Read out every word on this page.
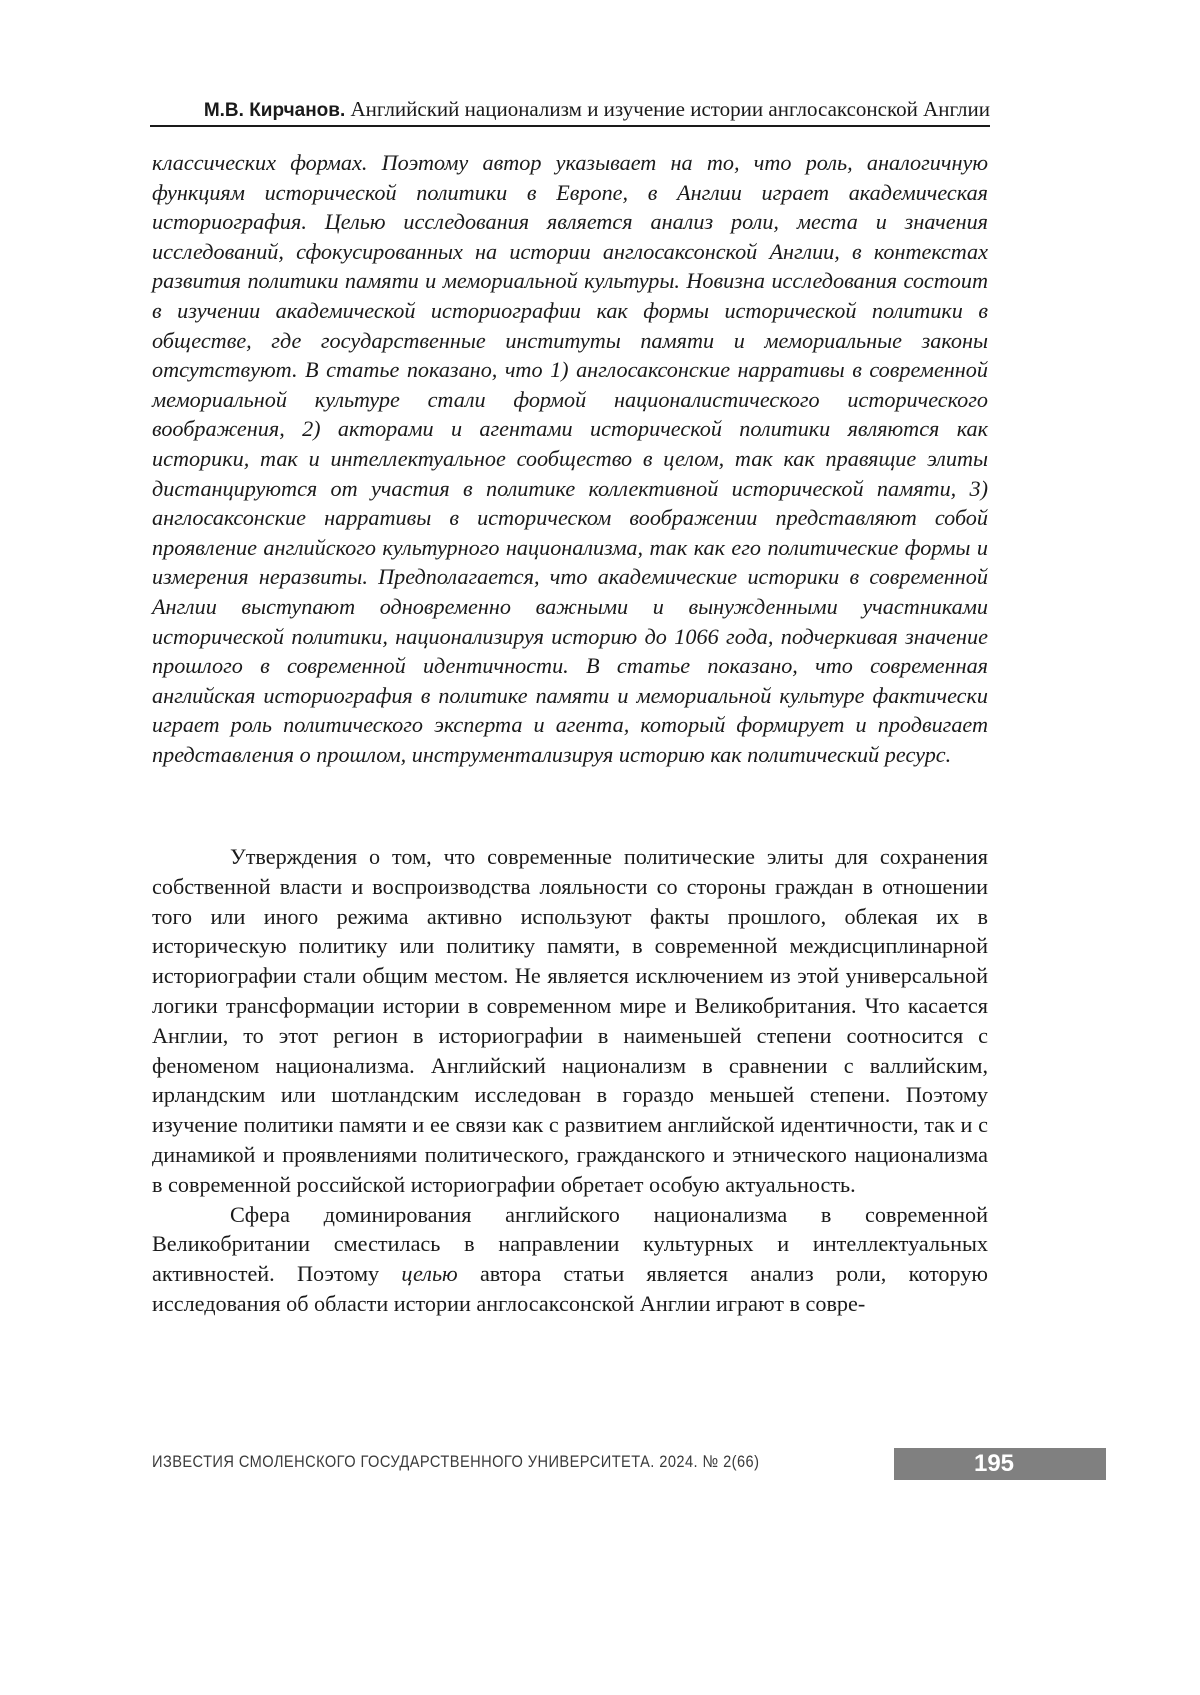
М.В. Кирчанов. Английский национализм и изучение истории англосаксонской Англии

классических формах. Поэтому автор указывает на то, что роль, аналогичную функциям исторической политики в Европе, в Англии играет академическая историография. Целью исследования является анализ роли, места и значения исследований, сфокусированных на истории англосаксонской Англии, в контекстах развития политики памяти и мемориальной культуры. Новизна исследования состоит в изучении академической историографии как формы исторической политики в обществе, где государственные институты памяти и мемориальные законы отсутствуют. В статье показано, что 1) англосаксонские нарративы в современной мемориальной культуре стали формой националистического исторического воображения, 2) акторами и агентами исторической политики являются как историки, так и интеллектуальное сообщество в целом, так как правящие элиты дистанцируются от участия в политике коллективной исторической памяти, 3) англосаксонские нарративы в историческом воображении представляют собой проявление английского культурного национализма, так как его политические формы и измерения неразвиты. Предполагается, что академические историки в современной Англии выступают одновременно важными и вынужденными участниками исторической политики, национализируя историю до 1066 года, подчеркивая значение прошлого в современной идентичности. В статье показано, что современная английская историография в политике памяти и мемориальной культуре фактически играет роль политического эксперта и агента, который формирует и продвигает представления о прошлом, инструментализируя историю как политический ресурс.

Утверждения о том, что современные политические элиты для сохранения собственной власти и воспроизводства лояльности со стороны граждан в отношении того или иного режима активно используют факты прошлого, облекая их в историческую политику или политику памяти, в современной междисциплинарной историографии стали общим местом. Не является исключением из этой универсальной логики трансформации истории в современном мире и Великобритания. Что касается Англии, то этот регион в историографии в наименьшей степени соотносится с феноменом национализма. Английский национализм в сравнении с валлийским, ирландским или шотландским исследован в гораздо меньшей степени. Поэтому изучение политики памяти и ее связи как с развитием английской идентичности, так и с динамикой и проявлениями политического, гражданского и этнического национализма в современной российской историографии обретает особую актуальность.

Сфера доминирования английского национализма в современной Великобритании сместилась в направлении культурных и интеллектуальных активностей. Поэтому целью автора статьи является анализ роли, которую исследования об области истории англосаксонской Англии играют в совре-

ИЗВЕСТИЯ СМОЛЕНСКОГО ГОСУДАРСТВЕННОГО УНИВЕРСИТЕТА. 2024. № 2(66)	195
